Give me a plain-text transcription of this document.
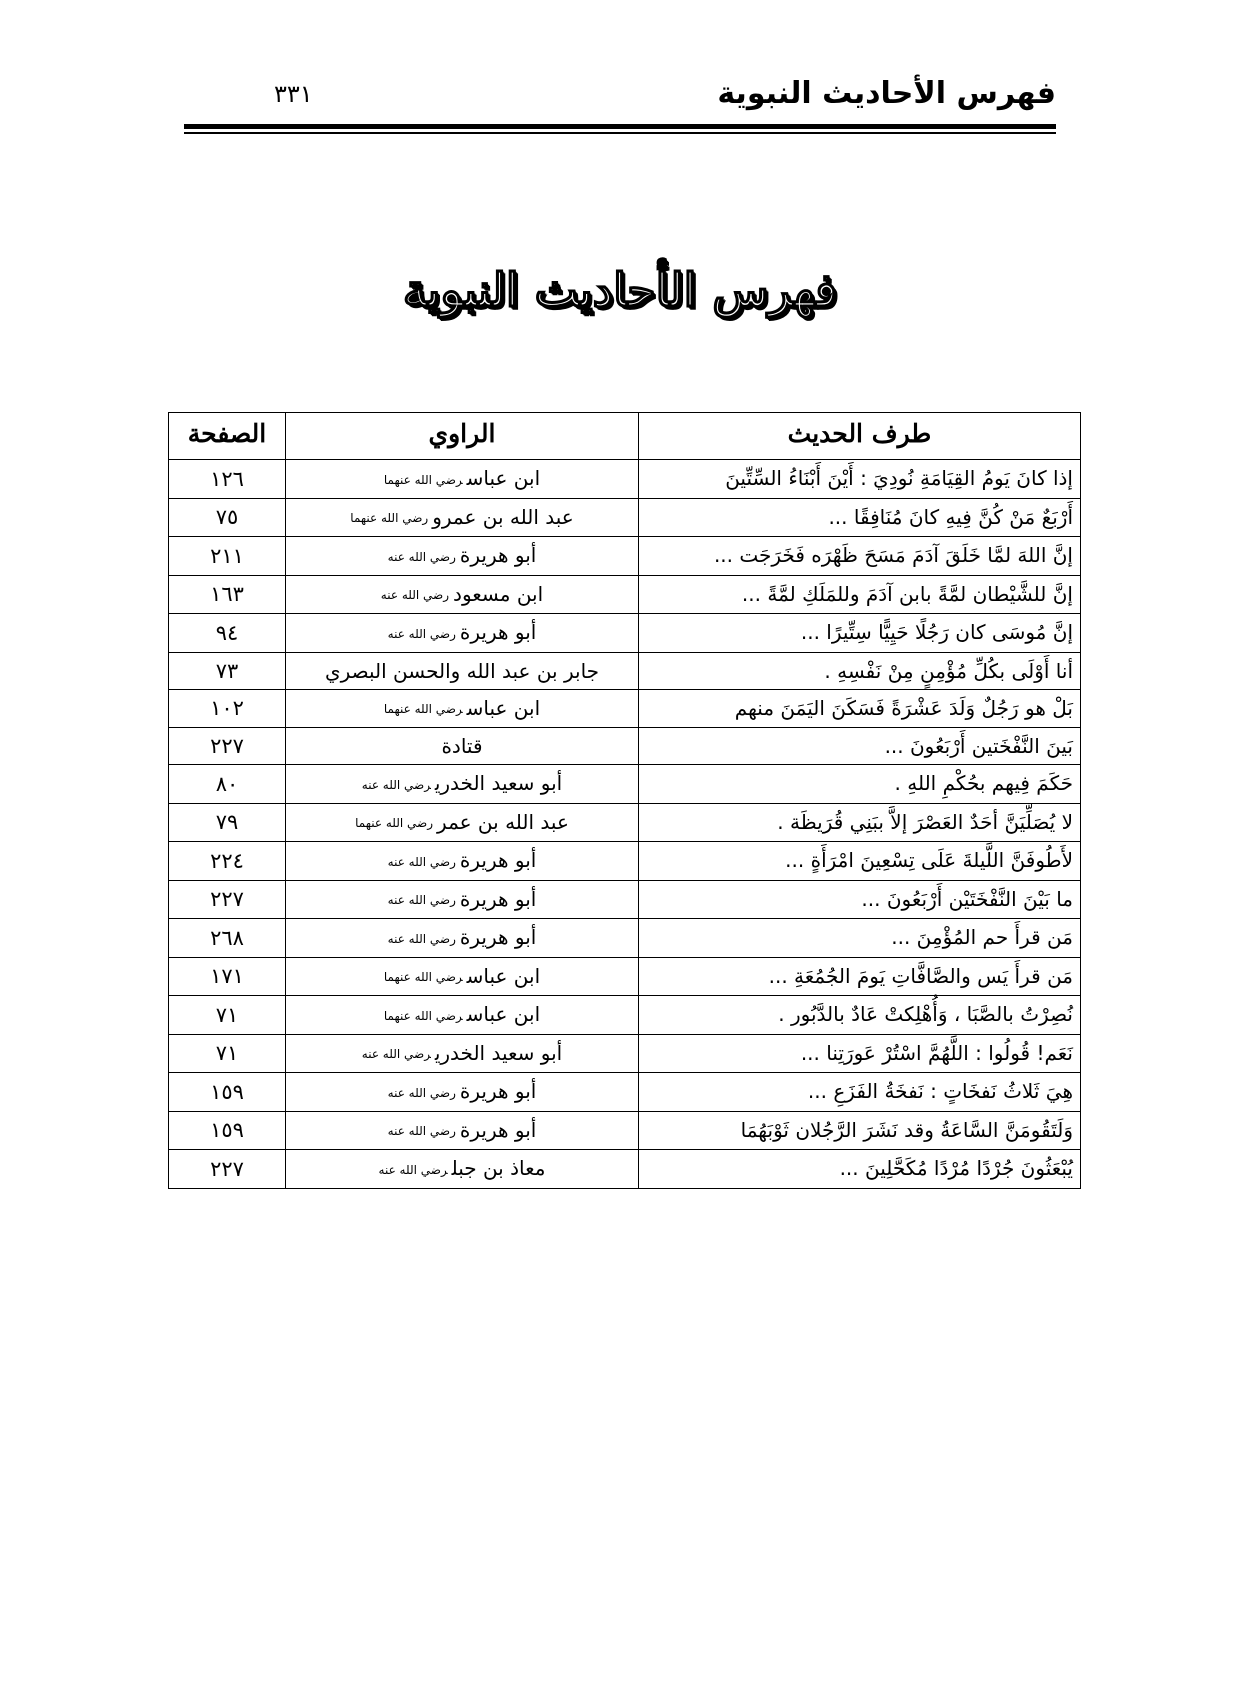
فهرس الأحاديث النبوية
٣٣١
فهرس الأحاديث النبوية
طرف الحديث	الراوي	الصفحة
إذا كانَ يَومُ القِيَامَةِ نُودِيَ : أَيْنَ أَبْنَاءُ السِّتِّينَ	ابن عباسرضي الله عنهما	١٢٦
أَرْبَعٌ مَنْ كُنَّ فِيهِ كانَ مُنَافِقًا ...	عبد الله بن عمرورضي الله عنهما	٧٥
إنَّ اللهَ لمَّا خَلَقَ آدَمَ مَسَحَ ظَهْرَه فَخَرَجَت ...	أبو هريرةرضي الله عنه	٢١١
إنَّ للشَّيْطان لمَّةً بابن آدَمَ وللمَلَكِ لمَّةً ...	ابن مسعودرضي الله عنه	١٦٣
إنَّ مُوسَى كان رَجُلًا حَيِيًّا سِتِّيرًا ...	أبو هريرةرضي الله عنه	٩٤
أنا أَوْلَى بكُلِّ مُؤْمِنٍ مِنْ نَفْسِهِ .	جابر بن عبد الله والحسن البصري	٧٣
بَلْ هو رَجُلٌ وَلَدَ عَشْرَةً فَسَكَنَ اليَمَنَ منهم	ابن عباسرضي الله عنهما	١٠٢
بَينَ النَّفْخَتين أَرْبَعُونَ ...	قتادة	٢٢٧
حَكَمَ فِيهم بحُكْمِ اللهِ .	أبو سعيد الخدريرضي الله عنه	٨٠
لا يُصَلِّيَنَّ أحَدٌ العَصْرَ إلاَّ ببَنِي قُرَيظَة .	عبد الله بن عمررضي الله عنهما	٧٩
لأَطُوفَنَّ اللَّيلةَ عَلَى تِسْعِينَ امْرَأَةٍ ...	أبو هريرةرضي الله عنه	٢٢٤
ما بَيْنَ النَّفْخَتَيْن أَرْبَعُونَ ...	أبو هريرةرضي الله عنه	٢٢٧
مَن قرأَ حم المُؤْمِنَ ...	أبو هريرةرضي الله عنه	٢٦٨
مَن قرأَ يَس والصَّافَّاتِ يَومَ الجُمُعَةِ ...	ابن عباسرضي الله عنهما	١٧١
نُصِرْتُ بالصَّبَا ، وَأُهْلِكتْ عَادٌ بالدَّبُور .	ابن عباسرضي الله عنهما	٧١
نَعَم! قُولُوا : اللَّهُمَّ اسْتُرْ عَورَتِنا ...	أبو سعيد الخدريرضي الله عنه	٧١
هِيَ ثَلاثُ نَفخَاتٍ : نَفخَةُ الفَزَعِ ...	أبو هريرةرضي الله عنه	١٥٩
وَلَتَقُومَنَّ السَّاعَةُ وقد نَشَرَ الرَّجُلان ثَوْبَهُمَا	أبو هريرةرضي الله عنه	١٥٩
يُبْعَثُونَ جُرْدًا مُرْدًا مُكَحَّلِينَ ...	معاذ بن جبلرضي الله عنه	٢٢٧
